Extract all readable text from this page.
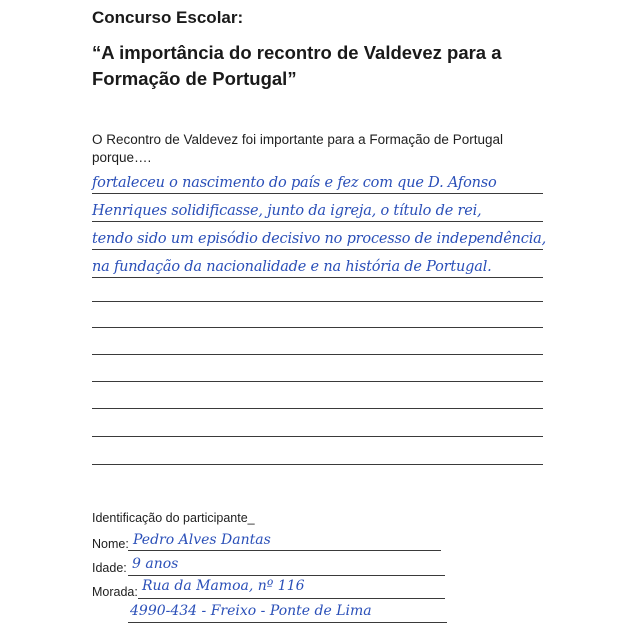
Concurso Escolar:
“A importância do recontro de Valdevez para a Formação de Portugal”
O Recontro de Valdevez foi importante para a Formação de Portugal porque….
fortaleceu o nascimento do país e fez com que D. Afonso
Henriques solidificasse, junto da igreja, o título de rei,
tendo sido um episódio decisivo no processo de independência,
na fundação da nacionalidade e na história de Portugal.
Identificação do participante_
Nome: Pedro Alves Dantas
Idade: 9 anos
Morada: Rua da Mamoa, nº 116
4990-434 - Freixo - Ponte de Lima
